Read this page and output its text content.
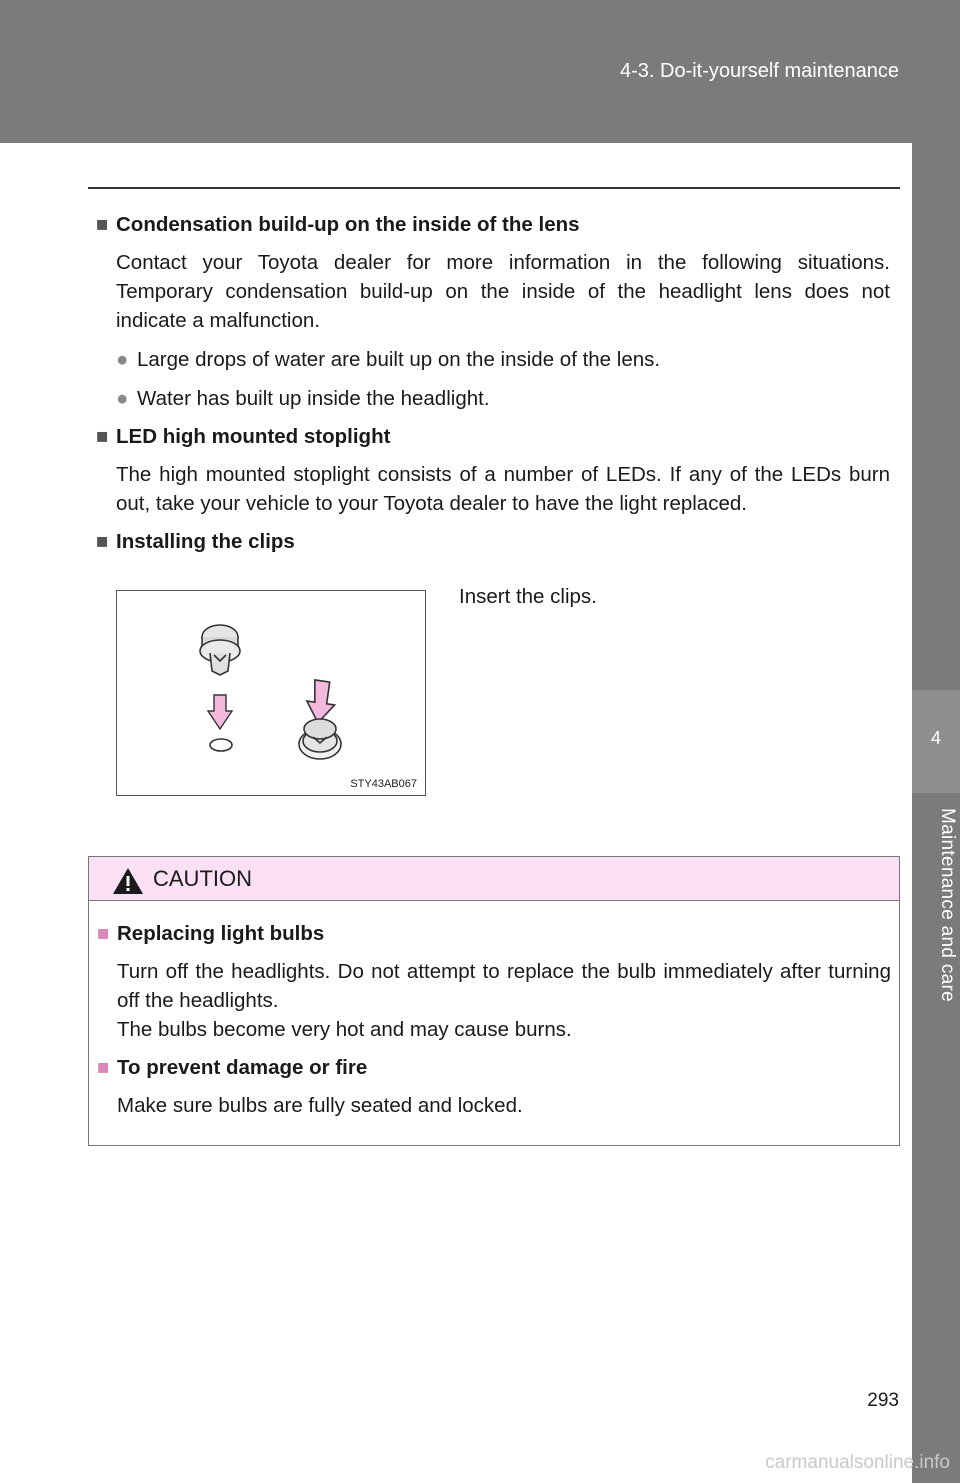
4-3. Do-it-yourself maintenance
4
Maintenance and care
■ Condensation build-up on the inside of the lens
Contact your Toyota dealer for more information in the following situations. Temporary condensation build-up on the inside of the headlight lens does not indicate a malfunction.
● Large drops of water are built up on the inside of the lens.
● Water has built up inside the headlight.
■ LED high mounted stoplight
The high mounted stoplight consists of a number of LEDs. If any of the LEDs burn out, take your vehicle to your Toyota dealer to have the light replaced.
■ Installing the clips
STY43AB067
Insert the clips.
CAUTION
■ Replacing light bulbs
Turn off the headlights. Do not attempt to replace the bulb immediately after turning off the headlights.
The bulbs become very hot and may cause burns.
■ To prevent damage or fire
Make sure bulbs are fully seated and locked.
293
carmanualsonline.info
